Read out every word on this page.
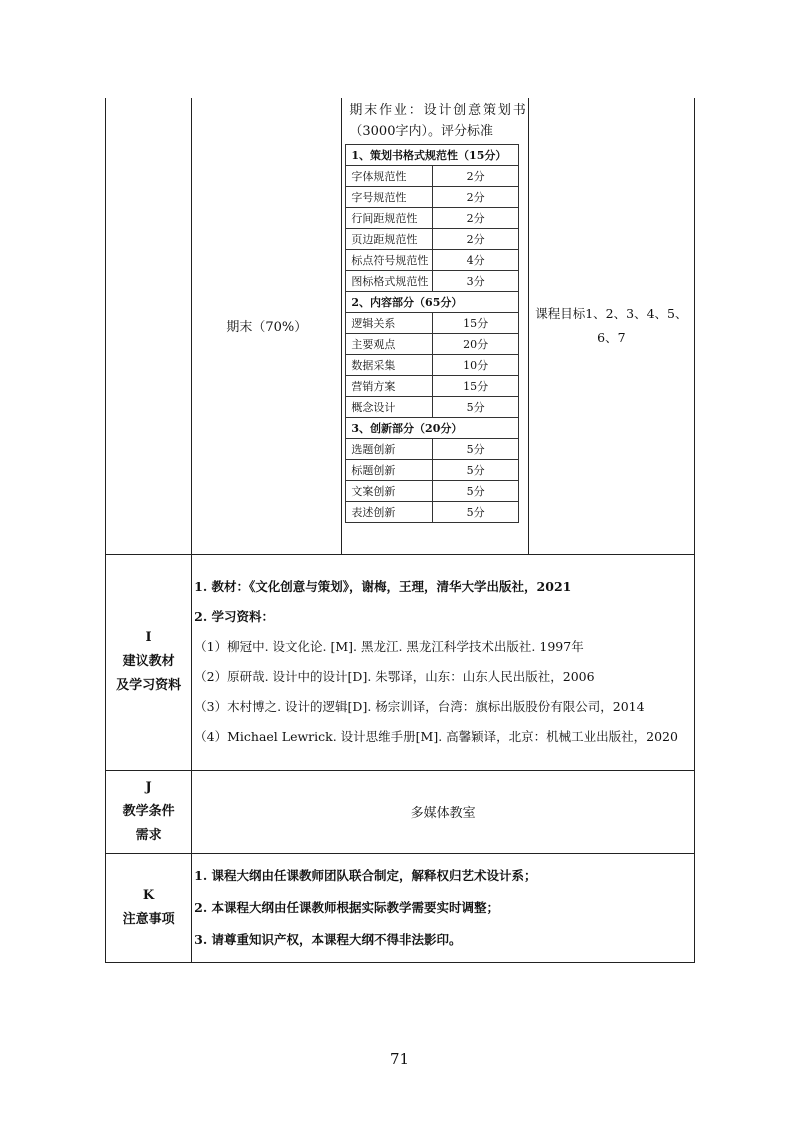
	期末（70%）	
期末作业：设计创意策划书（3000字内）。评分标准
1、策划书格式规范性（15分）
字体规范性	2分
字号规范性	2分
行间距规范性	2分
页边距规范性	2分
标点符号规范性	4分
图标格式规范性	3分
2、内容部分（65分）
逻辑关系	15分
主要观点	20分
数据采集	10分
营销方案	15分
概念设计	5分
3、创新部分（20分）
选题创新	5分
标题创新	5分
文案创新	5分
表述创新	5分
	课程目标1、2、3、4、5、6、7

I
建议教材
及学习资料

1. 教材：《文化创意与策划》，谢梅，王理，清华大学出版社，2021

2. 学习资料：

（1）柳冠中. 设文化论. [M]. 黑龙江. 黑龙江科学技术出版社. 1997年

（2）原研哉. 设计中的设计[D]. 朱鄂译，山东：山东人民出版社，2006

（3）木村博之. 设计的逻辑[D]. 杨宗训译，台湾：旗标出版股份有限公司，2014

（4）Michael Lewrick. 设计思维手册[M]. 高馨颖译，北京：机械工业出版社，2020

J
教学条件
需求
	多媒体教室

K
注意事项

1. 课程大纲由任课教师团队联合制定，解释权归艺术设计系；

2. 本课程大纲由任课教师根据实际教学需要实时调整；

3. 请尊重知识产权，本课程大纲不得非法影印。

71
